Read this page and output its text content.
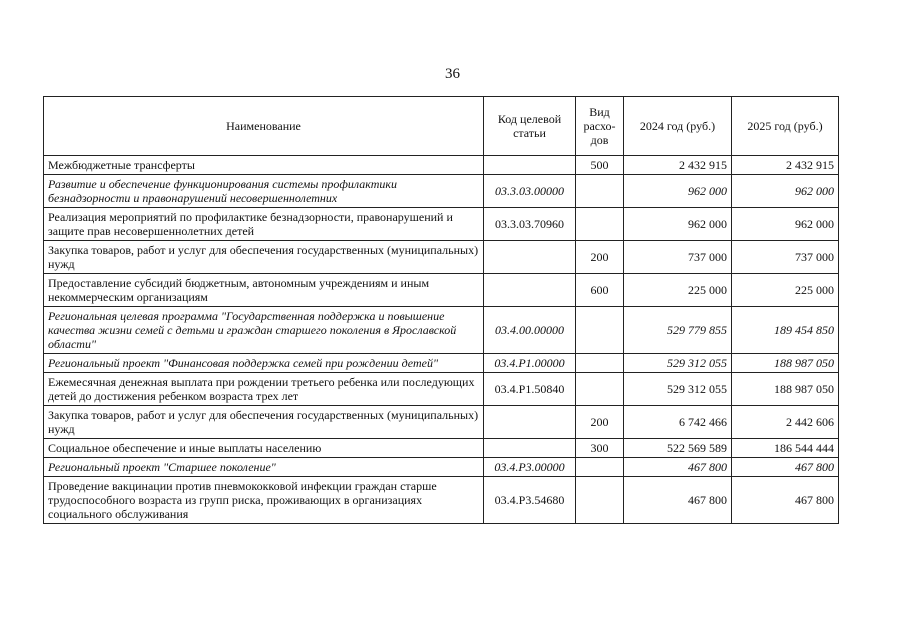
36
Наименование	Код целевой статьи	Вид расхо-дов	2024 год (руб.)	2025 год (руб.)
Межбюджетные трансферты		500	2 432 915	2 432 915
Развитие и обеспечение функционирования системы профилактики безнадзорности и правонарушений несовершеннолетних	03.3.03.00000		962 000	962 000
Реализация мероприятий по профилактике безнадзорности, правонарушений и защите прав несовершеннолетних детей	03.3.03.70960		962 000	962 000
Закупка товаров, работ и услуг для обеспечения государственных (муниципальных) нужд		200	737 000	737 000
Предоставление субсидий бюджетным, автономным учреждениям и иным некоммерческим организациям		600	225 000	225 000
Региональная целевая программа "Государственная поддержка и повышение качества жизни семей с детьми и граждан старшего поколения в Ярославской области"	03.4.00.00000		529 779 855	189 454 850
Региональный проект "Финансовая поддержка семей при рождении детей"	03.4.P1.00000		529 312 055	188 987 050
Ежемесячная денежная выплата при рождении третьего ребенка или последующих детей до достижения ребенком возраста трех лет	03.4.P1.50840		529 312 055	188 987 050
Закупка товаров, работ и услуг для обеспечения государственных (муниципальных) нужд		200	6 742 466	2 442 606
Социальное обеспечение и иные выплаты населению		300	522 569 589	186 544 444
Региональный проект "Старшее поколение"	03.4.P3.00000		467 800	467 800
Проведение вакцинации против пневмококковой инфекции граждан старше трудоспособного возраста из групп риска, проживающих в организациях социального обслуживания	03.4.P3.54680		467 800	467 800
